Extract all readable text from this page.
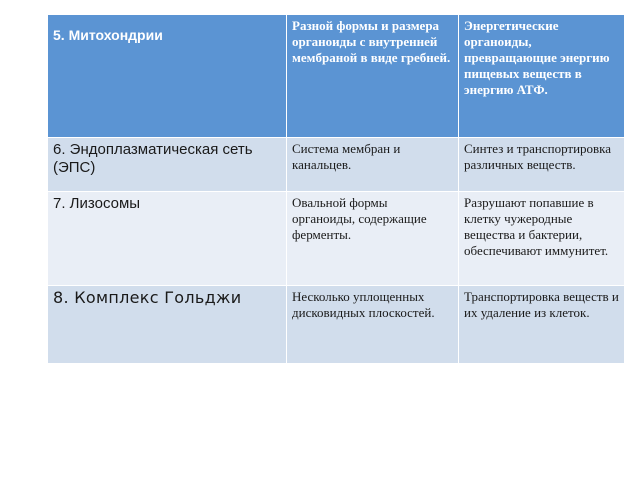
5. Митохондрии	Разной формы и размера органоиды с внутренней мембраной в виде гребней.	Энергетические органоиды, превращающие энергию пищевых веществ в энергию АТФ.

6. Эндоплазматическая сеть (ЭПС)	Система мембран и канальцев.	Синтез и транспортировка различных веществ.

7. Лизосомы	Овальной формы органоиды, содержащие ферменты.	Разрушают попавшие в клетку чужеродные вещества и бактерии, обеспечивают иммунитет.

8. Комплекс Гольджи	Несколько уплощенных дисковидных плоскостей.	Транспортировка веществ и их удаление из клеток.
